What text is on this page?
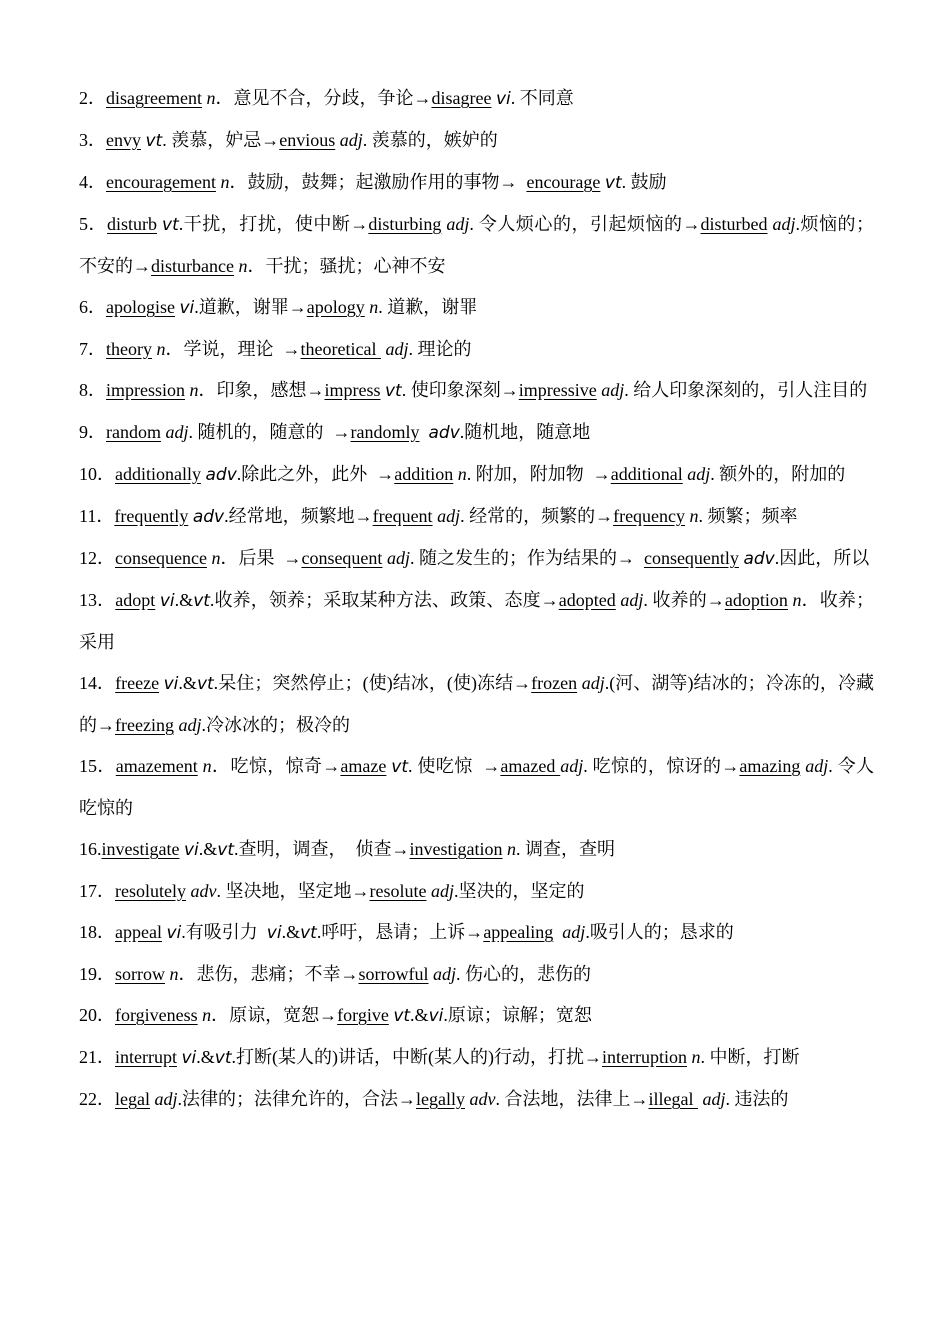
2．disagreement n．意见不合，分歧，争论→disagree vi. 不同意

3．envy vt. 羡慕，妒忌→envious adj. 羡慕的，嫉妒的

4．encouragement n．鼓励，鼓舞；起激励作用的事物→  encourage vt. 鼓励

5．disturb vt.干扰，打扰，使中断→disturbing adj. 令人烦心的，引起烦恼的→disturbed adj.烦恼的；不安的→disturbance n．干扰；骚扰；心神不安

6．apologise vi.道歉，谢罪→apology n. 道歉，谢罪

7．theory n．学说，理论  →theoretical  adj. 理论的

8．impression n．印象，感想→impress vt. 使印象深刻→impressive adj. 给人印象深刻的，引人注目的

9．random adj. 随机的，随意的  →randomly adv.随机地，随意地

10．additionally adv.除此之外，此外  →addition n. 附加，附加物  →additional adj. 额外的，附加的

11．frequently adv.经常地，频繁地→frequent adj. 经常的，频繁的→frequency n. 频繁；频率

12．consequence n．后果  →consequent adj. 随之发生的；作为结果的→  consequently adv.因此，所以

13．adopt vi.&vt.收养，领养；采取某种方法、政策、态度→adopted adj. 收养的→adoption n．收养；采用

14．freeze vi.&vt.呆住；突然停止；(使)结冰，(使)冻结→frozen adj.(河、湖等)结冰的；冷冻的，冷藏的→freezing adj.冷冰冰的；极冷的

15．amazement n．吃惊，惊奇→amaze vt. 使吃惊  →amazed adj. 吃惊的，惊讶的→amazing adj. 令人吃惊的

16.investigate vi.&vt.查明，调查，  侦查→investigation n. 调查，查明

17．resolutely adv. 坚决地，坚定地→resolute adj.坚决的，坚定的

18．appeal vi.有吸引力  vi.&vt.呼吁，恳请；上诉→appealing adj.吸引人的；恳求的

19．sorrow n．悲伤，悲痛；不幸→sorrowful adj. 伤心的，悲伤的

20．forgiveness n．原谅，宽恕→forgive vt.&vi.原谅；谅解；宽恕

21．interrupt vi.&vt.打断(某人的)讲话，中断(某人的)行动，打扰→interruption n. 中断，打断

22．legal adj.法律的；法律允许的，合法→legally adv. 合法地，法律上→illegal  adj. 违法的
